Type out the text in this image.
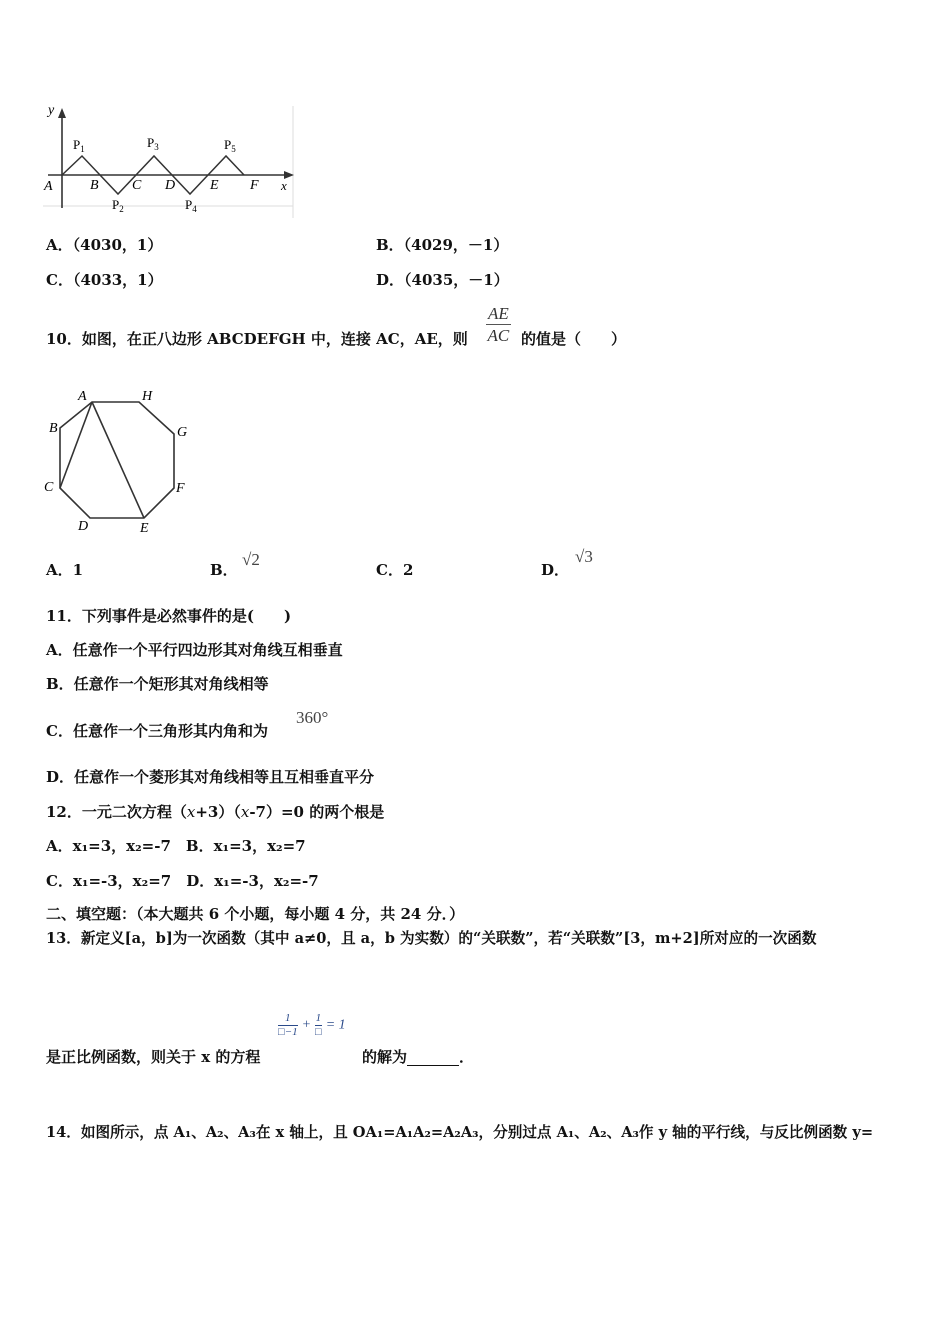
y
x
A	B C D E F
$P_1$
$P_2$
$P_3$
$P_4$
$P_5$
A．（4030，1）	B．（4029，－1）
C．（4033，1）	D．（4035，－1）
10．如图，在正八边形 ABCDEFGH 中，连接 AC，AE，则 $\frac{AE}{AC}$ 的值是（　　）
A	H
B	G
C	F
D	E
A．1	B．
√2
C．2	D．
√3
11．下列事件是必然事件的是(　　)
A．任意作一个平行四边形其对角线互相垂直
B．任意作一个矩形其对角线相等
C．任意作一个三角形其内角和为
360°
D．任意作一个菱形其对角线相等且互相垂直平分
12．一元二次方程（x+3）（x-7）=0 的两个根是
A．x₁=3，x₂=-7　B．x₁=3，x₂=7
C．x₁=-3，x₂=7　D．x₁=-3，x₂=-7
二、填空题：（本大题共 6 个小题，每小题 4 分，共 24 分．）
13．新定义[a，b]为一次函数（其中 a≠0，且 a，b 为实数）的“关联数”，若“关联数”[3，m+2]所对应的一次函数
$\frac{1}{□-1} + 1$
□ = 1
是正比例函数，则关于 x 的方程	的解为	．
14．如图所示，点 A₁、A₂、A₃在 x 轴上，且 OA₁=A₁A₂=A₂A₃，分别过点 A₁、A₂、A₃作 y 轴的平行线，与反比例函数 y=
